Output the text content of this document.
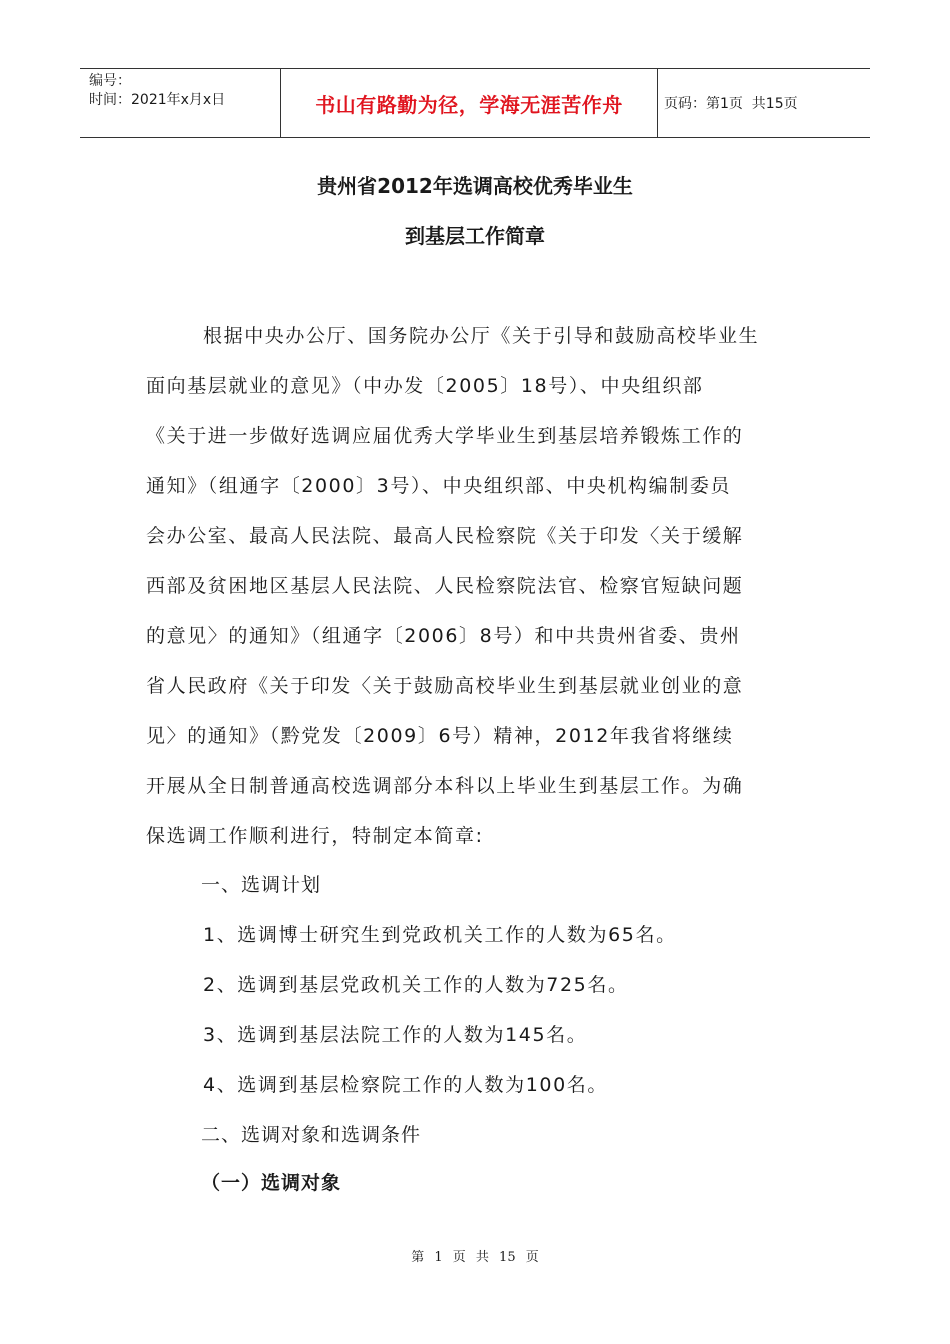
编号：
时间：2021年x月x日	书山有路勤为径，学海无涯苦作舟	页码：第1页  共15页
贵州省2012年选调高校优秀毕业生
到基层工作简章
根据中央办公厅、国务院办公厅《关于引导和鼓励高校毕业生
面向基层就业的意见》（中办发〔2005〕18号）、中央组织部
《关于进一步做好选调应届优秀大学毕业生到基层培养锻炼工作的
通知》（组通字〔2000〕3号）、中央组织部、中央机构编制委员
会办公室、最高人民法院、最高人民检察院《关于印发〈关于缓解
西部及贫困地区基层人民法院、人民检察院法官、检察官短缺问题
的意见〉的通知》（组通字〔2006〕8号）和中共贵州省委、贵州
省人民政府《关于印发〈关于鼓励高校毕业生到基层就业创业的意
见〉的通知》（黔党发〔2009〕6号）精神，2012年我省将继续
开展从全日制普通高校选调部分本科以上毕业生到基层工作。为确
保选调工作顺利进行，特制定本简章:
一、选调计划
1、选调博士研究生到党政机关工作的人数为65名。
2、选调到基层党政机关工作的人数为725名。
3、选调到基层法院工作的人数为145名。
4、选调到基层检察院工作的人数为100名。
二、选调对象和选调条件
（一）选调对象
第 1 页 共 15 页
